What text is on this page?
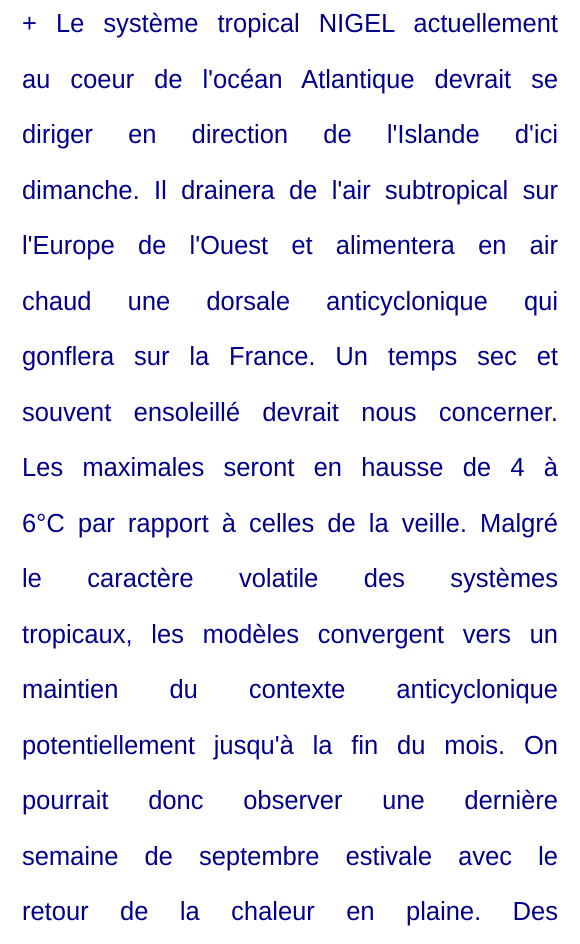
+ Le système tropical NIGEL actuellement
au coeur de l'océan Atlantique devrait se
diriger en direction de l'Islande d'ici
dimanche. Il drainera de l'air subtropical sur
l'Europe de l'Ouest et alimentera en air
chaud une dorsale anticyclonique qui
gonflera sur la France. Un temps sec et
souvent ensoleillé devrait nous concerner.
Les maximales seront en hausse de 4 à
6°C par rapport à celles de la veille. Malgré
le caractère volatile des systèmes
tropicaux, les modèles convergent vers un
maintien du contexte anticyclonique
potentiellement jusqu'à la fin du mois. On
pourrait donc observer une dernière
semaine de septembre estivale avec le
retour de la chaleur en plaine. Des
